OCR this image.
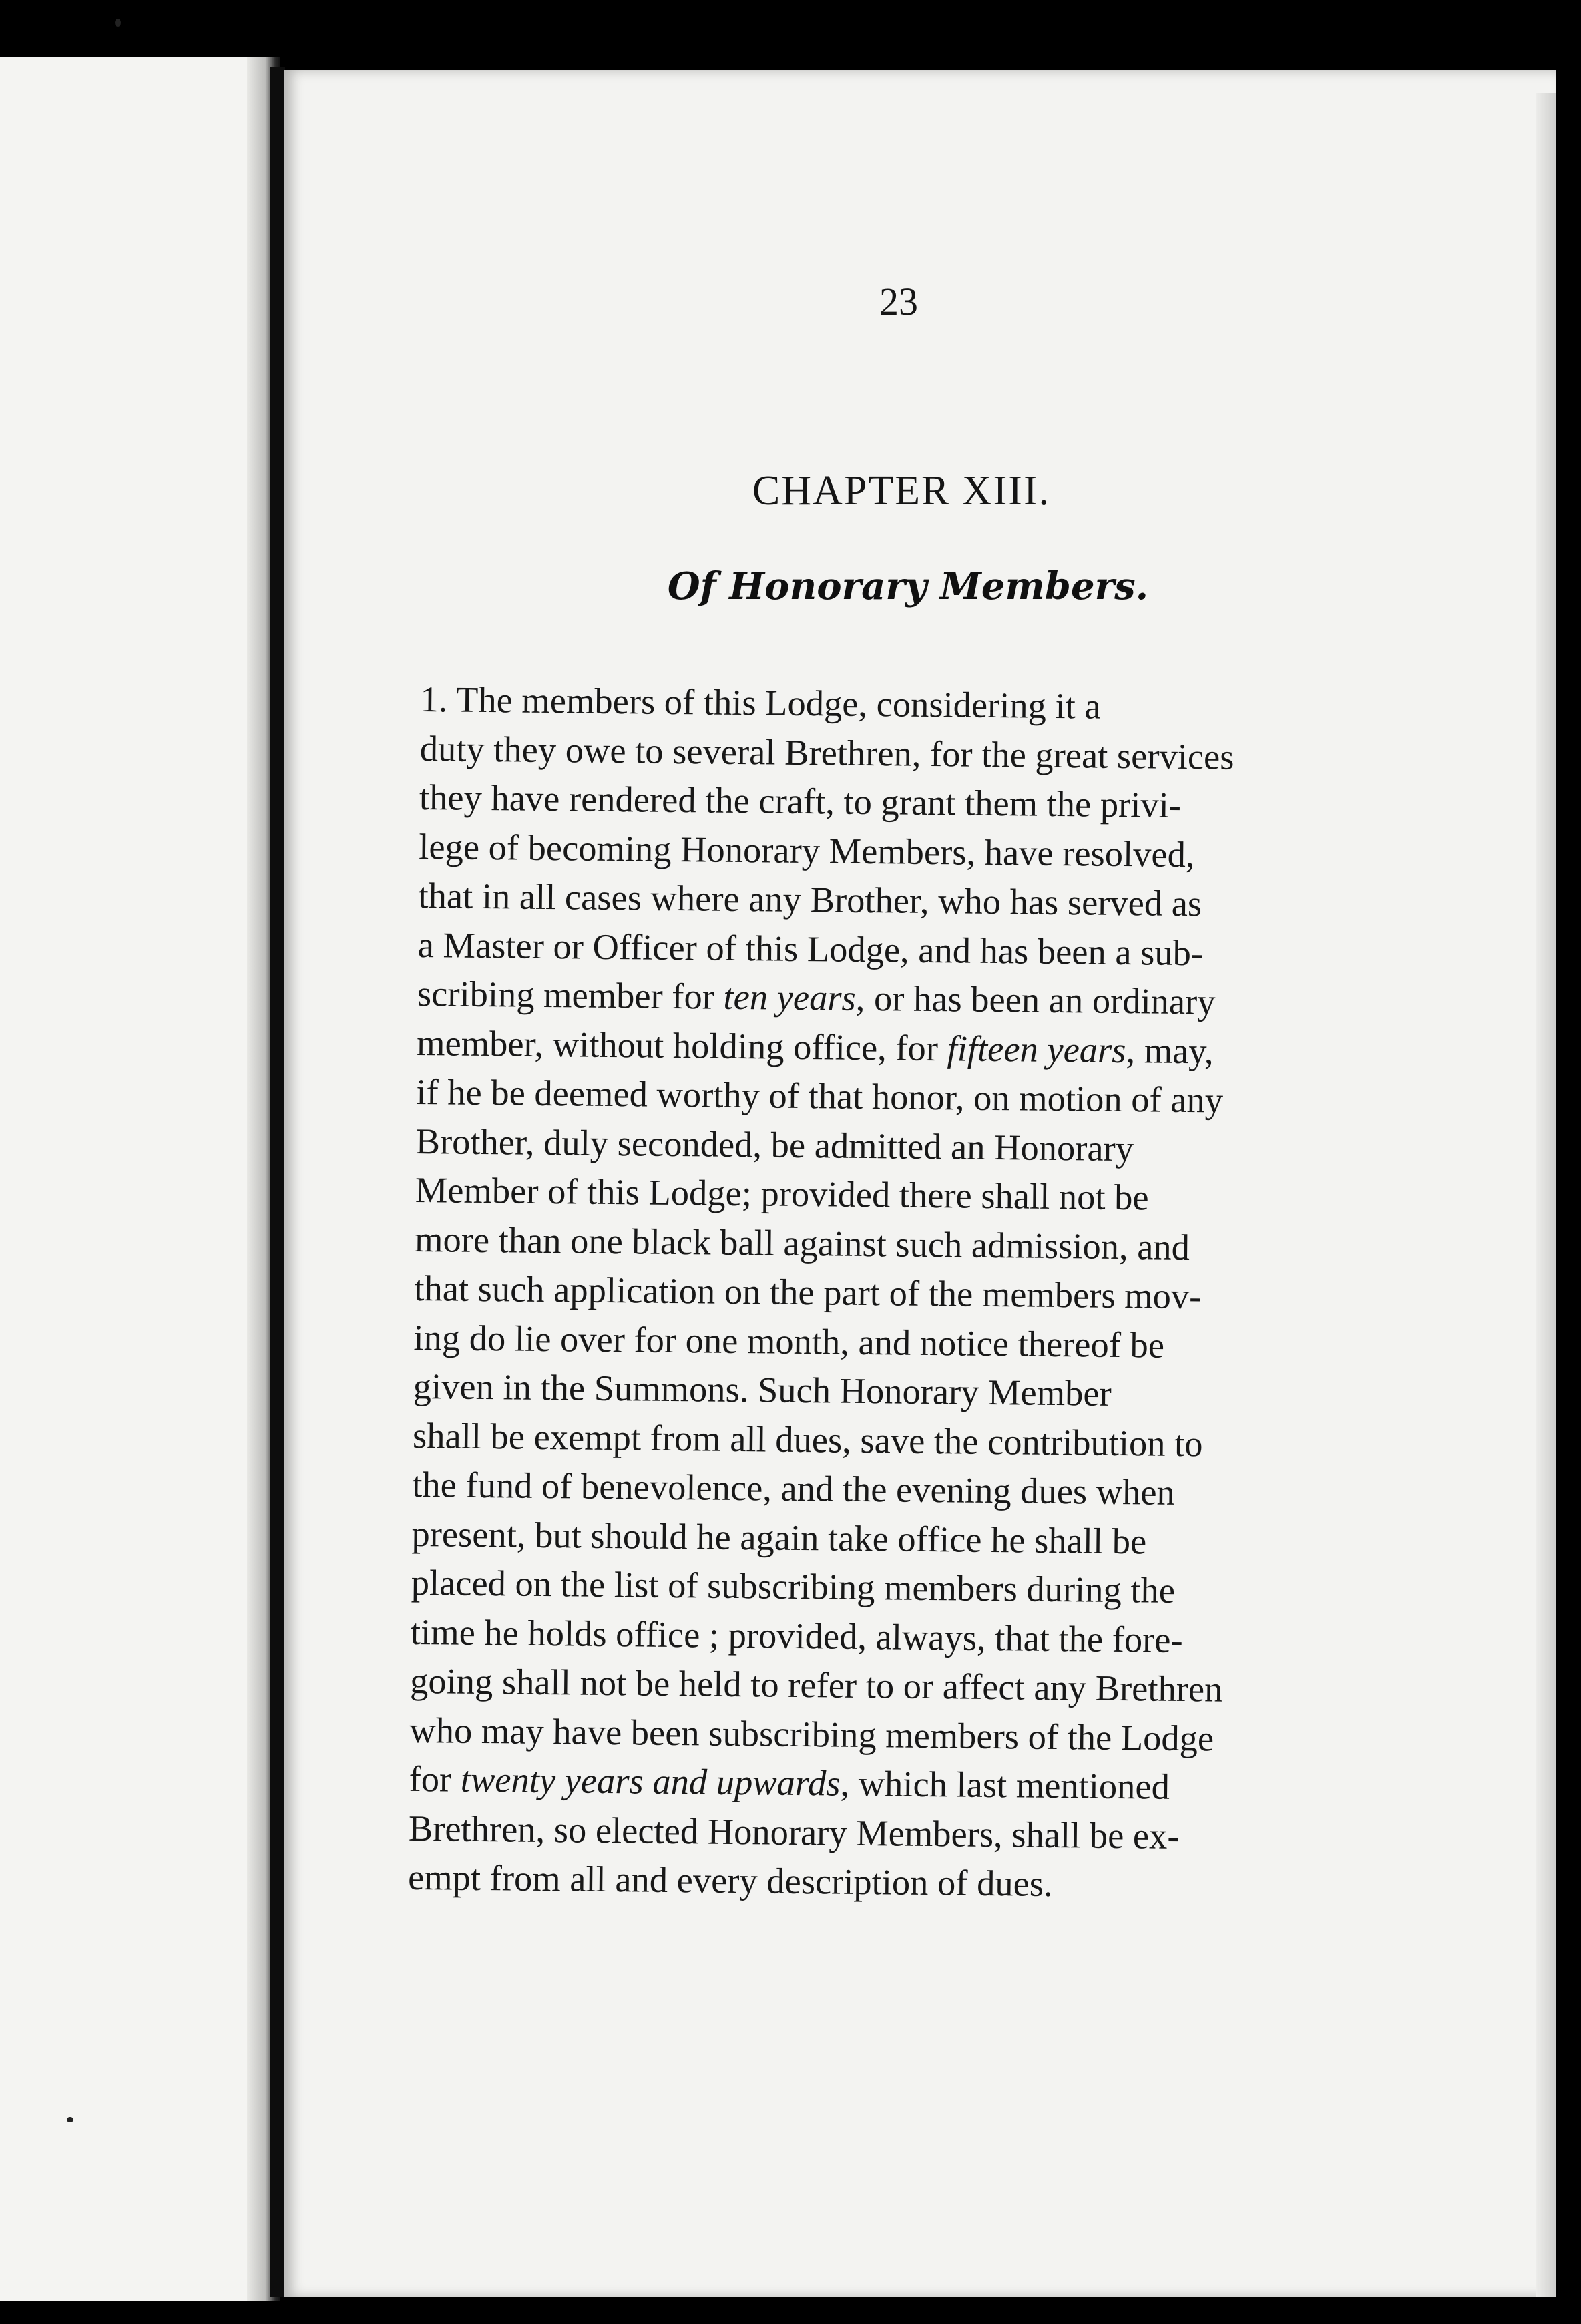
23
CHAPTER XIII.
Of Honorary Members.
1. The members of this Lodge, considering it a
duty they owe to several Brethren, for the great services
they have rendered the craft, to grant them the privi-
lege of becoming Honorary Members, have resolved,
that in all cases where any Brother, who has served as
a Master or Officer of this Lodge, and has been a sub-
scribing member for ten years, or has been an ordinary
member, without holding office, for fifteen years, may,
if he be deemed worthy of that honor, on motion of any
Brother, duly seconded, be admitted an Honorary
Member of this Lodge; provided there shall not be
more than one black ball against such admission, and
that such application on the part of the members mov-
ing do lie over for one month, and notice thereof be
given in the Summons. Such Honorary Member
shall be exempt from all dues, save the contribution to
the fund of benevolence, and the evening dues when
present, but should he again take office he shall be
placed on the list of subscribing members during the
time he holds office ; provided, always, that the fore-
going shall not be held to refer to or affect any Brethren
who may have been subscribing members of the Lodge
for twenty years and upwards, which last mentioned
Brethren, so elected Honorary Members, shall be ex-
empt from all and every description of dues.
